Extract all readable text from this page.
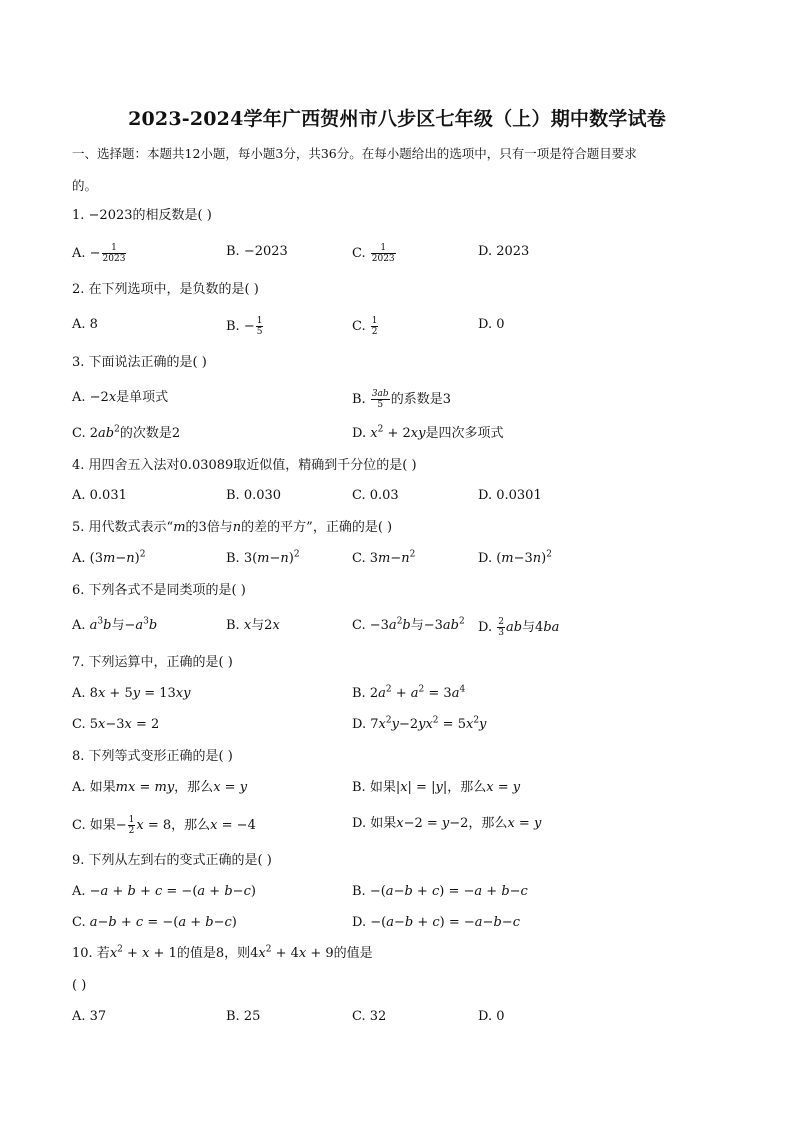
2023-2024学年广西贺州市八步区七年级（上）期中数学试卷
一、选择题：本题共12小题，每小题3分，共36分。在每小题给出的选项中，只有一项是符合题目要求
的。
1. −2023的相反数是( )
A. − $\frac{1}{2023}$	B. −2023	C. $\frac{1}{2023}$	D. 2023
2. 在下列选项中，是负数的是( )
A. 8	B. − $\frac{1}{5}$	C. $\frac{1}{2}$	D. 0
3. 下面说法正确的是( )
A. −2x是单项式	B. $\frac{3ab}{5}$ 的系数是3
C. $2ab^2$的次数是2	D. $x^2 + 2xy$是四次多项式
4. 用四舍五入法对0.03089取近似值，精确到千分位的是( )
A. 0.031	B. 0.030	C. 0.03	D. 0.0301
5. 用代数式表示“m的3倍与n的差的平方”，正确的是( )
A. $(3m-n)^2$	B. $3(m-n)^2$	C. $3m-n^2$	D. $(m-3n)^2$
6. 下列各式不是同类项的是( )
A. $a^3b$与$-a^3b$	B. x与2x	C. $-3a^2b$与$-3ab^2$ D. $\frac{2}{3}$ ab与4ba
7. 下列运算中，正确的是( )
A. 8x + 5y = 13xy	B. $2a^2 + a^2 = 3a^4$
C. 5x−3x = 2	D. $7x^2y-2yx^2 = 5x^2y$
8. 下列等式变形正确的是( )
A. 如果mx = my，那么x = y	B. 如果|x| = |y|，那么x = y
C. 如果− $\frac{1}{2}$ x = 8，那么x = −4	D. 如果x−2 = y−2，那么x = y
9. 下列从左到右的变式正确的是( )
A. −a + b + c = −(a + b−c)	B. −(a−b + c) = −a + b−c
C. a−b + c = −(a + b−c)	D. −(a−b + c) = −a−b−c
10. 若$x^2 + x + 1$的值是8，则$4x^2 + 4x + 9$的值是
( )
A. 37	B. 25	C. 32	D. 0
